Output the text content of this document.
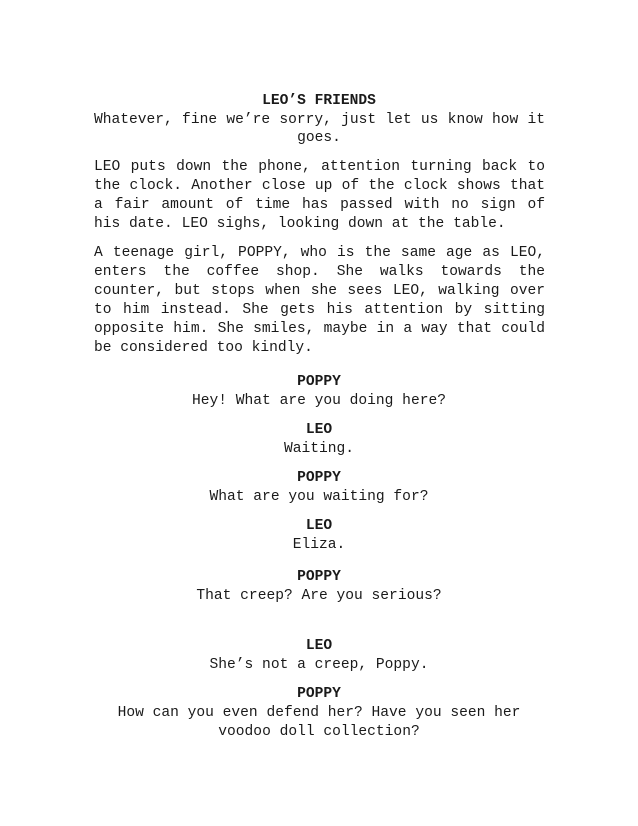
LEO’S FRIENDS
Whatever, fine we’re sorry, just let us know how it
goes.
LEO puts down the phone, attention turning back to
the clock. Another close up of the clock shows that
a fair amount of time has passed with no sign of
his date. LEO sighs, looking down at the table.
A teenage girl, POPPY, who is the same age as LEO,
enters the coffee shop. She walks towards the
counter, but stops when she sees LEO, walking over
to him instead. She gets his attention by sitting
opposite him. She smiles, maybe in a way that could
be considered too kindly.
POPPY
Hey! What are you doing here?
LEO
Waiting.
POPPY
What are you waiting for?
LEO
Eliza.
POPPY
That creep? Are you serious?
LEO
She’s not a creep, Poppy.
POPPY
How can you even defend her? Have you seen her
voodoo doll collection?
